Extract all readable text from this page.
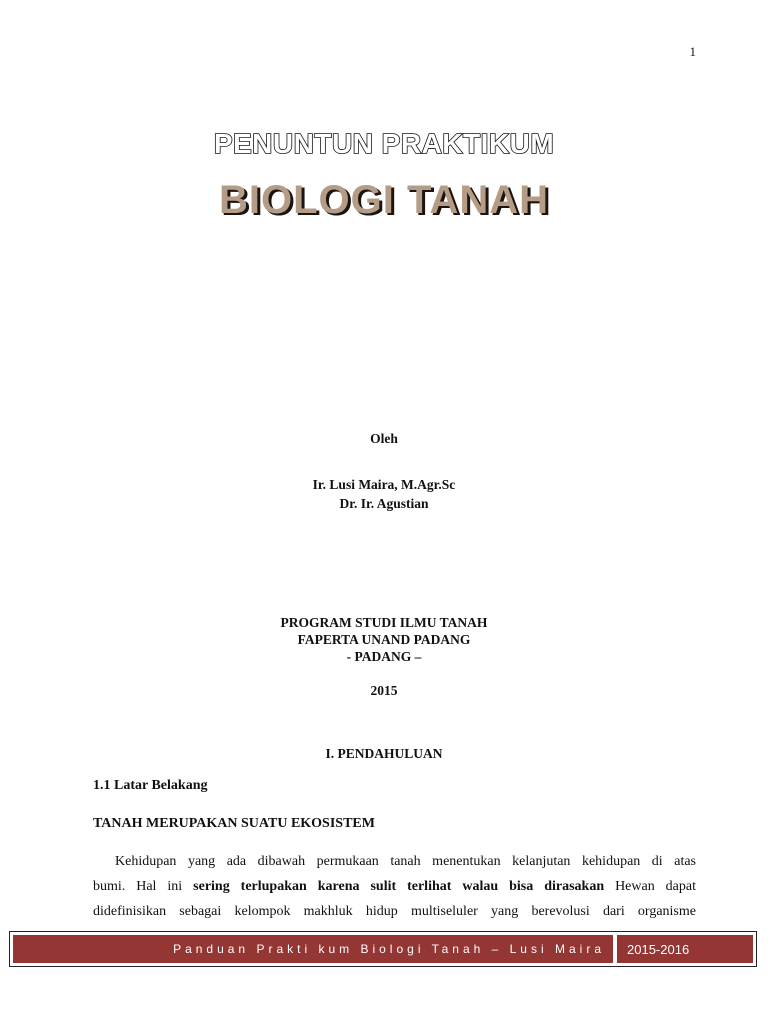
1
PENUNTUN PRAKTIKUM
BIOLOGI TANAH
Oleh
Ir. Lusi Maira, M.Agr.Sc
Dr. Ir. Agustian
PROGRAM STUDI ILMU TANAH
FAPERTA UNAND PADANG
- PADANG –
2015
I. PENDAHULUAN
1.1 Latar Belakang
TANAH MERUPAKAN SUATU EKOSISTEM
Kehidupan yang ada dibawah permukaan tanah menentukan kelanjutan kehidupan di atas
bumi. Hal ini sering terlupakan karena sulit terlihat walau bisa dirasakan Hewan dapat
didefinisikan sebagai kelompok makhluk hidup multiseluler yang berevolusi dari organisme
Panduan Prakti kum Biologi Tanah – Lusi Maira	2015-2016
